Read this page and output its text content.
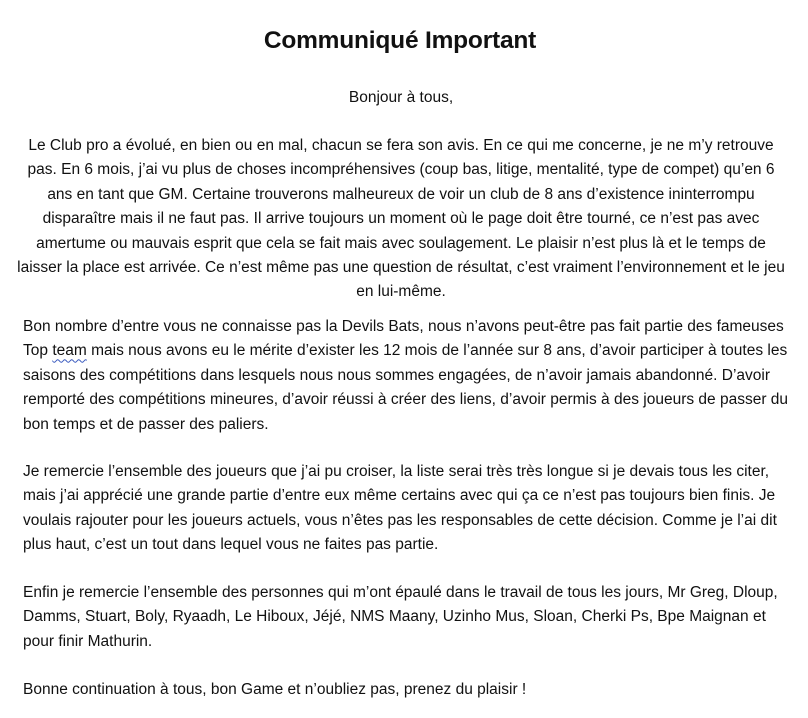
Communiqué Important

Bonjour à tous,

Le Club pro a évolué, en bien ou en mal, chacun se fera son avis. En ce qui me concerne, je ne m’y retrouve pas. En 6 mois, j’ai vu plus de choses incompréhensives (coup bas, litige, mentalité, type de compet) qu’en 6 ans en tant que GM. Certaine trouverons malheureux de voir un club de 8 ans d’existence ininterrompu disparaître mais il ne faut pas. Il arrive toujours un moment où le page doit être tourné, ce n’est pas avec amertume ou mauvais esprit que cela se fait mais avec soulagement. Le plaisir n’est plus là et le temps de laisser la place est arrivée. Ce n’est même pas une question de résultat, c’est vraiment l’environnement et le jeu en lui-même.

Bon nombre d’entre vous ne connaisse pas la Devils Bats, nous n’avons peut-être pas fait partie des fameuses Top team mais nous avons eu le mérite d’exister les 12 mois de l’année sur 8 ans, d’avoir participer à toutes les saisons des compétitions dans lesquels nous nous sommes engagées, de n’avoir jamais abandonné. D’avoir remporté des compétitions mineures, d’avoir réussi à créer des liens, d’avoir permis à des joueurs de passer du bon temps et de passer des paliers.

Je remercie l’ensemble des joueurs que j’ai pu croiser, la liste serai très très longue si je devais tous les citer, mais j’ai apprécié une grande partie d’entre eux même certains avec qui ça ce n’est pas toujours bien finis. Je voulais rajouter pour les joueurs actuels, vous n’êtes pas les responsables de cette décision. Comme je l’ai dit plus haut, c’est un tout dans lequel vous ne faites pas partie.

Enfin je remercie l’ensemble des personnes qui m’ont épaulé dans le travail de tous les jours, Mr Greg, Dloup, Damms, Stuart, Boly, Ryaadh, Le Hiboux, Jéjé, NMS Maany, Uzinho Mus, Sloan, Cherki Ps, Bpe Maignan et pour finir Mathurin.

Bonne continuation à tous, bon Game et n’oubliez pas, prenez du plaisir !
